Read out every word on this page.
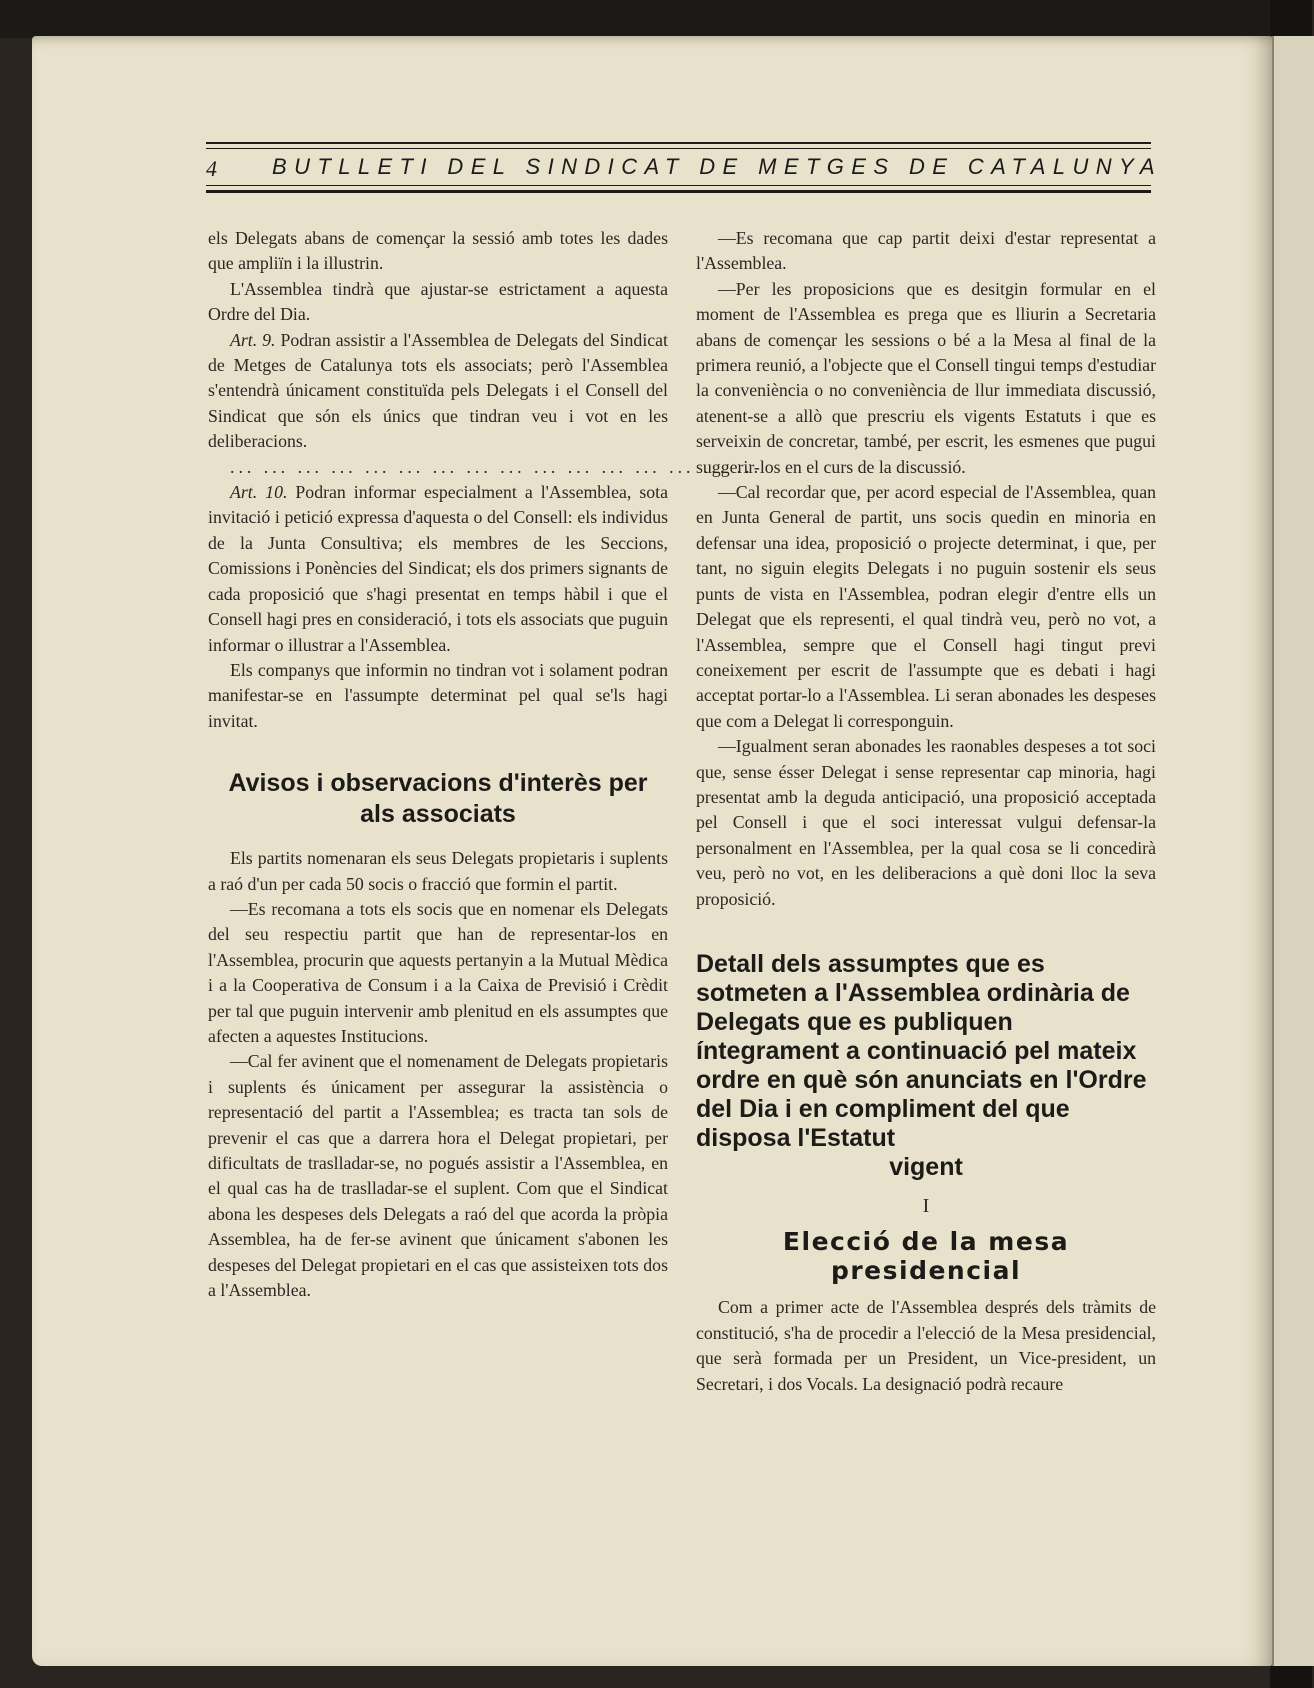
4	BUTLLETI DEL SINDICAT DE METGES DE CATALUNYA

els Delegats abans de començar la sessió amb totes les dades que ampliïn i la illustrin.

L'Assemblea tindrà que ajustar-se estrictament a aquesta Ordre del Dia.

Art. 9. Podran assistir a l'Assemblea de Delegats del Sindicat de Metges de Catalunya tots els associats; però l'Assemblea s'entendrà únicament constituïda pels Delegats i el Consell del Sindicat que són els únics que tindran veu i vot en les deliberacions.

... ... ... ... ... ... ... ... ... ... ... ... ... ... ... ...

Art. 10. Podran informar especialment a l'Assemblea, sota invitació i petició expressa d'aquesta o del Consell: els individus de la Junta Consultiva; els membres de les Seccions, Comissions i Ponències del Sindicat; els dos primers signants de cada proposició que s'hagi presentat en temps hàbil i que el Consell hagi pres en consideració, i tots els associats que puguin informar o illustrar a l'Assemblea.

Els companys que informin no tindran vot i solament podran manifestar-se en l'assumpte determinat pel qual se'ls hagi invitat.

Avisos i observacions d'interès per als associats

Els partits nomenaran els seus Delegats propietaris i suplents a raó d'un per cada 50 socis o fracció que formin el partit.

—Es recomana a tots els socis que en nomenar els Delegats del seu respectiu partit que han de representar-los en l'Assemblea, procurin que aquests pertanyin a la Mutual Mèdica i a la Cooperativa de Consum i a la Caixa de Previsió i Crèdit per tal que puguin intervenir amb plenitud en els assumptes que afecten a aquestes Institucions.

—Cal fer avinent que el nomenament de Delegats propietaris i suplents és únicament per assegurar la assistència o representació del partit a l'Assemblea; es tracta tan sols de prevenir el cas que a darrera hora el Delegat propietari, per dificultats de traslladar-se, no pogués assistir a l'Assemblea, en el qual cas ha de traslladar-se el suplent. Com que el Sindicat abona les despeses dels Delegats a raó del que acorda la pròpia Assemblea, ha de fer-se avinent que únicament s'abonen les despeses del Delegat propietari en el cas que assisteixen tots dos a l'Assemblea.

—Es recomana que cap partit deixi d'estar representat a l'Assemblea.

—Per les proposicions que es desitgin formular en el moment de l'Assemblea es prega que es lliurin a Secretaria abans de començar les sessions o bé a la Mesa al final de la primera reunió, a l'objecte que el Consell tingui temps d'estudiar la conveniència o no conveniència de llur immediata discussió, atenent-se a allò que prescriu els vigents Estatuts i que es serveixin de concretar, també, per escrit, les esmenes que pugui suggerir-los en el curs de la discussió.

—Cal recordar que, per acord especial de l'Assemblea, quan en Junta General de partit, uns socis quedin en minoria en defensar una idea, proposició o projecte determinat, i que, per tant, no siguin elegits Delegats i no puguin sostenir els seus punts de vista en l'Assemblea, podran elegir d'entre ells un Delegat que els representi, el qual tindrà veu, però no vot, a l'Assemblea, sempre que el Consell hagi tingut previ coneixement per escrit de l'assumpte que es debati i hagi acceptat portar-lo a l'Assemblea. Li seran abonades les despeses que com a Delegat li corresponguin.

—Igualment seran abonades les raonables despeses a tot soci que, sense ésser Delegat i sense representar cap minoria, hagi presentat amb la deguda anticipació, una proposició acceptada pel Consell i que el soci interessat vulgui defensar-la personalment en l'Assemblea, per la qual cosa se li concedirà veu, però no vot, en les deliberacions a què doni lloc la seva proposició.

Detall dels assumptes que es sotmeten a l'Assemblea ordinària de Delegats que es publiquen íntegrament a continuació pel mateix ordre en què són anunciats en l'Ordre del Dia i en compliment del que disposa l'Estatut
vigent
I
Elecció de la mesa presidencial

Com a primer acte de l'Assemblea després dels tràmits de constitució, s'ha de procedir a l'elecció de la Mesa presidencial, que serà formada per un President, un Vice-president, un Secretari, i dos Vocals. La designació podrà recaure
